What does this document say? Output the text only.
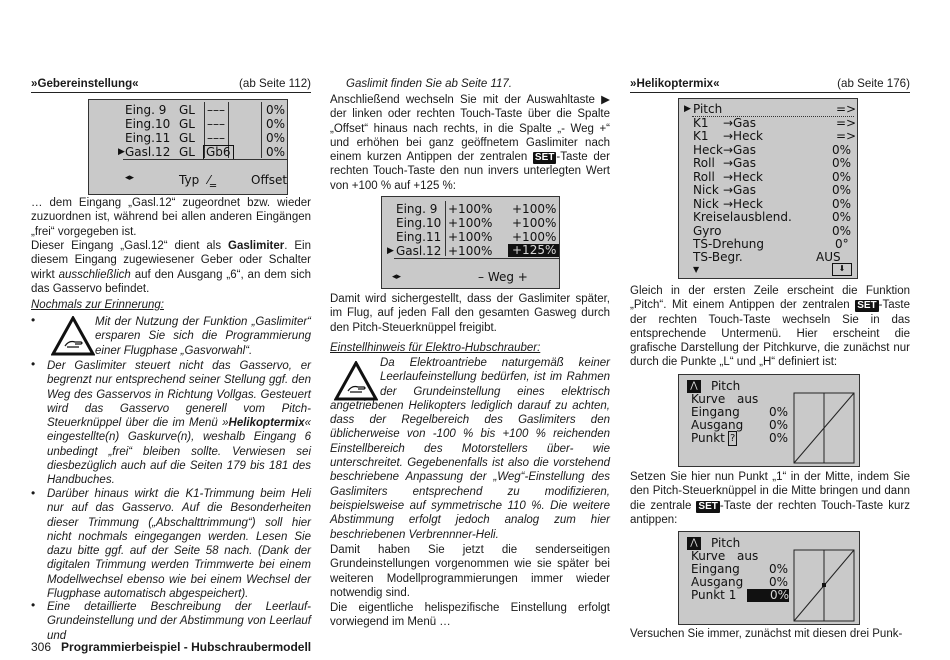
»Gebereinstellung«	(ab Seite 112)
Eing. 9 GL –––	0%
Eing.10 GL –––	0%
Eing.11 GL –––	0%
▶ Gasl.12 GL Gb6	0%
◂▸	Typ ⁄‗	Offset
… dem Eingang „Gasl.12“ zugeordnet bzw. wieder zuzuordnen ist, während bei allen anderen Eingängen „frei“ vorgegeben ist.
Dieser Eingang „Gasl.12“ dient als Gaslimiter. Ein diesem Eingang zugewiesener Geber oder Schalter wirkt ausschließlich auf den Ausgang „6“, an dem sich das Gasservo befindet.
Nochmals zur Erinnerung:
•	Mit der Nutzung der Funktion „Gaslimiter“ ersparen Sie sich die Programmierung einer Flugphase „Gasvorwahl“.
• Der Gaslimiter steuert nicht das Gasservo, er begrenzt nur entsprechend seiner Stellung ggf. den Weg des Gasservos in Richtung Vollgas. Gesteuert wird das Gasservo generell vom Pitch-Steuerknüppel über die im Menü »Helikoptermix« eingestellte(n) Gaskurve(n), weshalb Eingang 6 unbedingt „frei“ bleiben sollte. Verwiesen sei diesbezüglich auch auf die Seiten 179 bis 181 des Handbuches.
• Darüber hinaus wirkt die K1-Trimmung beim Heli nur auf das Gasservo. Auf die Besonderheiten dieser Trimmung („Abschalttrimmung“) soll hier nicht nochmals eingegangen werden. Lesen Sie dazu bitte ggf. auf der Seite 58 nach. (Dank der digitalen Trimmung werden Trimmwerte bei einem Modellwechsel ebenso wie bei einem Wechsel der Flugphase automatisch abgespeichert).
• Eine detaillierte Beschreibung der Leerlauf-Grundeinstellung und der Abstimmung von Leerlauf und
Gaslimit finden Sie ab Seite 117.
Anschließend wechseln Sie mit der Auswahltaste ▶ der linken oder rechten Touch-Taste über die Spalte „Offset“ hinaus nach rechts, in die Spalte „- Weg +“ und erhöhen bei ganz geöffnetem Gaslimiter nach einem kurzen Antippen der zentralen SET -Taste der rechten Touch-Taste den nun invers unterlegten Wert von +100 % auf +125 %:
Eing. 9 +100% +100%
Eing.10 +100% +100%
Eing.11 +100% +100%
▶ Gasl.12 +100%	+125%
◂▸	– Weg +
Damit wird sichergestellt, dass der Gaslimiter später, im Flug, auf jeden Fall den gesamten Gasweg durch den Pitch-Steuerknüppel freigibt.
Einstellhinweis für Elektro-Hubschrauber:
Da Elektroantriebe naturgemäß keiner Leerlaufeinstellung bedürfen, ist im Rahmen der Grundeinstellung eines elektrisch angetriebenen Helikopters lediglich darauf zu achten, dass der Regelbereich des Gaslimiters den üblicherweise von -100 % bis +100 % reichenden Einstellbereich des Motorstellers über- wie unterschreitet. Gegebenenfalls ist also die vorstehend beschriebene Anpassung der „Weg“-Einstellung des Gaslimiters entsprechend zu modifizieren, beispielsweise auf symmetrische 110 %. Die weitere Abstimmung erfolgt jedoch analog zum hier beschriebenen Verbrennner-Heli.
Damit haben Sie jetzt die senderseitigen Grundeinstellungen vorgenommen wie sie später bei weiteren Modellprogrammierungen immer wieder notwendig sind.
Die eigentliche helispezifische Einstellung erfolgt vorwiegend im Menü …
»Helikoptermix«	(ab Seite 176)
▶ Pitch	=>
K1 →Gas	=>
K1 →Heck	=>
Heck →Gas	0%
Roll →Gas	0%
Roll →Heck	0%
Nick →Gas	0%
Nick →Heck	0%
Kreiselausblend.	0%
Gyro	0%
TS-Drehung	0°
TS-Begr.	AUS
▼	⬇
Gleich in der ersten Zeile erscheint die Funktion „Pitch“. Mit einem Antippen der zentralen SET -Taste der rechten Touch-Taste wechseln Sie in das entsprechende Untermenü. Hier erscheint die grafische Darstellung der Pitchkurve, die zunächst nur durch die Punkte „L“ und „H“ definiert ist:
⋀ Pitch
Kurve aus
Eingang 0%
Ausgang 0%
Punkt ?	0%
Setzen Sie hier nun Punkt „1“ in der Mitte, indem Sie den Pitch-Steuerknüppel in die Mitte bringen und dann die zentrale SET -Taste der rechten Touch-Taste kurz antippen:
⋀ Pitch
Kurve aus
Eingang 0%
Ausgang 0%
Punkt 1	0%
Versuchen Sie immer, zunächst mit diesen drei Punk-
306 Programmierbeispiel - Hubschraubermodell
